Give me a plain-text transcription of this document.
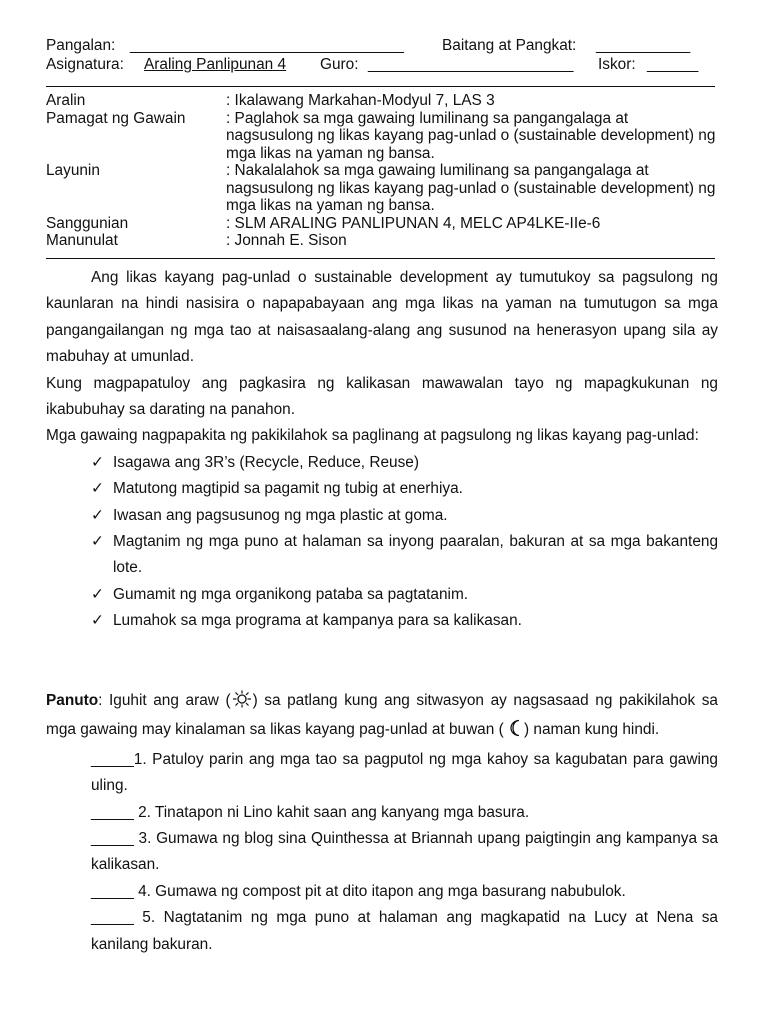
Pangalan:

________________________________

Baitang at Pangkat:

___________

Asignatura:

Araling Panlipunan 4

Guro:

________________________

Iskor:

______

Aralin	: Ikalawang Markahan-Modyul 7, LAS 3
Pamagat ng Gawain	: Paglahok sa mga gawaing lumilinang sa pangangalaga at nagsusulong ng likas kayang pag-unlad o (sustainable development) ng mga likas na yaman ng bansa.
Layunin	: Nakalalahok sa mga gawaing lumilinang sa pangangalaga at nagsusulong ng likas kayang pag-unlad o (sustainable development) ng mga likas na yaman ng bansa.
Sanggunian	: SLM ARALING PANLIPUNAN 4, MELC AP4LKE-IIe-6
Manunulat	: Jonnah E. Sison

Ang likas kayang pag-unlad o sustainable development ay tumutukoy sa pagsulong ng kaunlaran na hindi nasisira o napapabayaan ang mga likas na yaman na tumutugon sa mga pangangailangan ng mga tao at naisasaalang-alang ang susunod na henerasyon upang sila ay mabuhay at umunlad.

Kung magpapatuloy ang pagkasira ng kalikasan mawawalan tayo ng mapagkukunan ng ikabubuhay sa darating na panahon.

Mga gawaing nagpapakita ng pakikilahok sa paglinang at pagsulong ng likas kayang pag-unlad:

✓ Isagawa ang 3R’s (Recycle, Reduce, Reuse)
✓ Matutong magtipid sa pagamit ng tubig at enerhiya.
✓ Iwasan ang pagsusunog ng mga plastic at goma.
✓ Magtanim ng mga puno at halaman sa inyong paaralan, bakuran at sa mga bakanteng lote.
✓ Gumamit ng mga organikong pataba sa pagtatanim.
✓ Lumahok sa mga programa at kampanya para sa kalikasan.

Panuto: Iguhit ang araw ( ) sa patlang kung ang sitwasyon ay nagsasaad ng pakikilahok sa mga gawaing may kinalaman sa likas kayang pag-unlad at buwan ( ) naman kung hindi.

_____1. Patuloy parin ang mga tao sa pagputol ng mga kahoy sa kagubatan para gawing uling.
_____ 2. Tinatapon ni Lino kahit saan ang kanyang mga basura.
_____ 3. Gumawa ng blog sina Quinthessa at Briannah upang paigtingin ang kampanya sa kalikasan.
_____ 4. Gumawa ng compost pit at dito itapon ang mga basurang nabubulok.
_____ 5. Nagtatanim ng mga puno at halaman ang magkapatid na Lucy at Nena sa kanilang bakuran.
